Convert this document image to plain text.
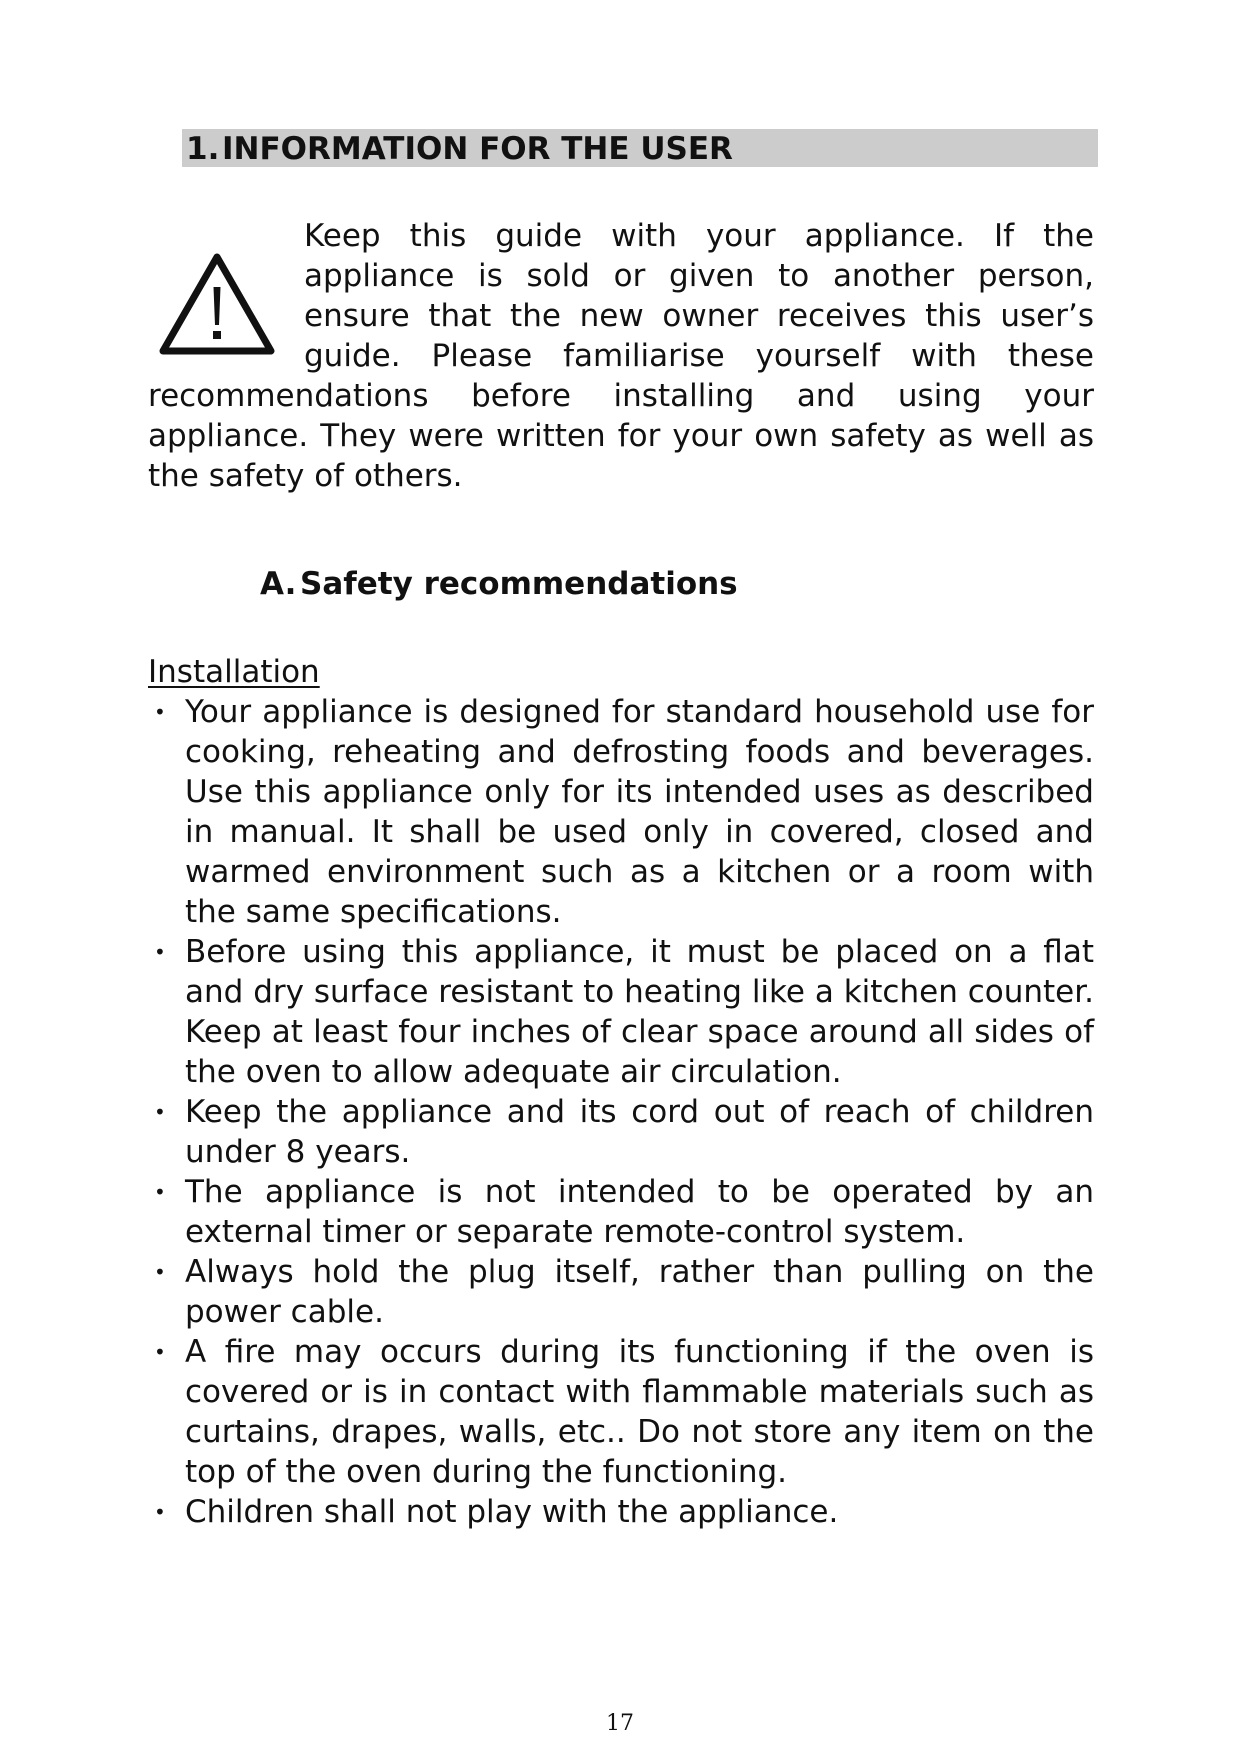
1.INFORMATION FOR THE USER

Keep this guide with your appliance. If the appliance is sold or given to another person, ensure that the new owner receives this user’s guide. Please familiarise yourself with these recommendations before installing and using your appliance. They were written for your own safety as well as the safety of others.

A. Safety recommendations
Installation
• Your appliance is designed for standard household use for cooking, reheating and defrosting foods and beverages. Use this appliance only for its intended uses as described in manual. It shall be used only in covered, closed and warmed environment such as a kitchen or a room with the same specifications.
• Before using this appliance, it must be placed on a flat and dry surface resistant to heating like a kitchen counter. Keep at least four inches of clear space around all sides of the oven to allow adequate air circulation.
• Keep the appliance and its cord out of reach of children under 8 years.
• The appliance is not intended to be operated by an external timer or separate remote-control system.
• Always hold the plug itself, rather than pulling on the power cable.
• A fire may occurs during its functioning if the oven is covered or is in contact with flammable materials such as curtains, drapes, walls, etc.. Do not store any item on the top of the oven during the functioning.
• Children shall not play with the appliance.
17
